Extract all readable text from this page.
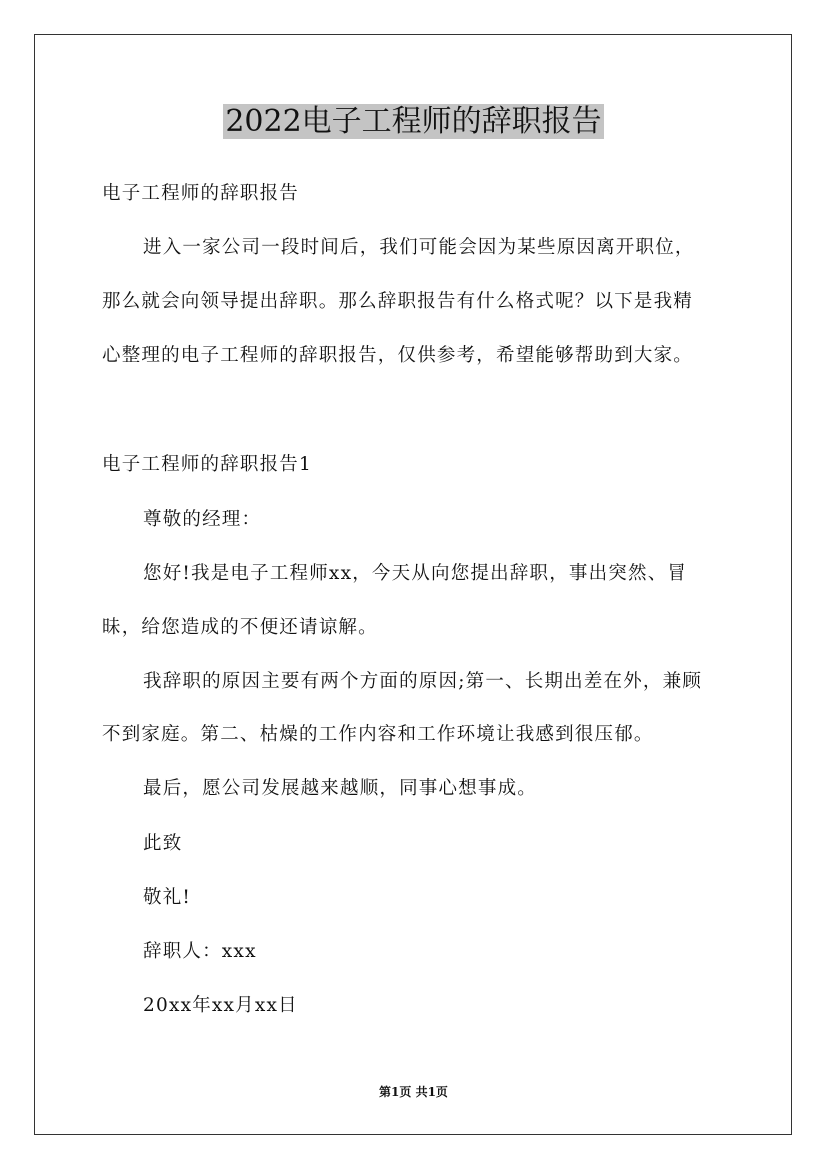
2022电子工程师的辞职报告
电子工程师的辞职报告
进入一家公司一段时间后，我们可能会因为某些原因离开职位，
那么就会向领导提出辞职。那么辞职报告有什么格式呢？以下是我精
心整理的电子工程师的辞职报告，仅供参考，希望能够帮助到大家。
电子工程师的辞职报告1
尊敬的经理：
您好!我是电子工程师xx，今天从向您提出辞职，事出突然、冒
昧，给您造成的不便还请谅解。
我辞职的原因主要有两个方面的原因;第一、长期出差在外，兼顾
不到家庭。第二、枯燥的工作内容和工作环境让我感到很压郁。
最后，愿公司发展越来越顺，同事心想事成。
此致
敬礼!
辞职人：xxx
20xx年xx月xx日
第1页 共1页
